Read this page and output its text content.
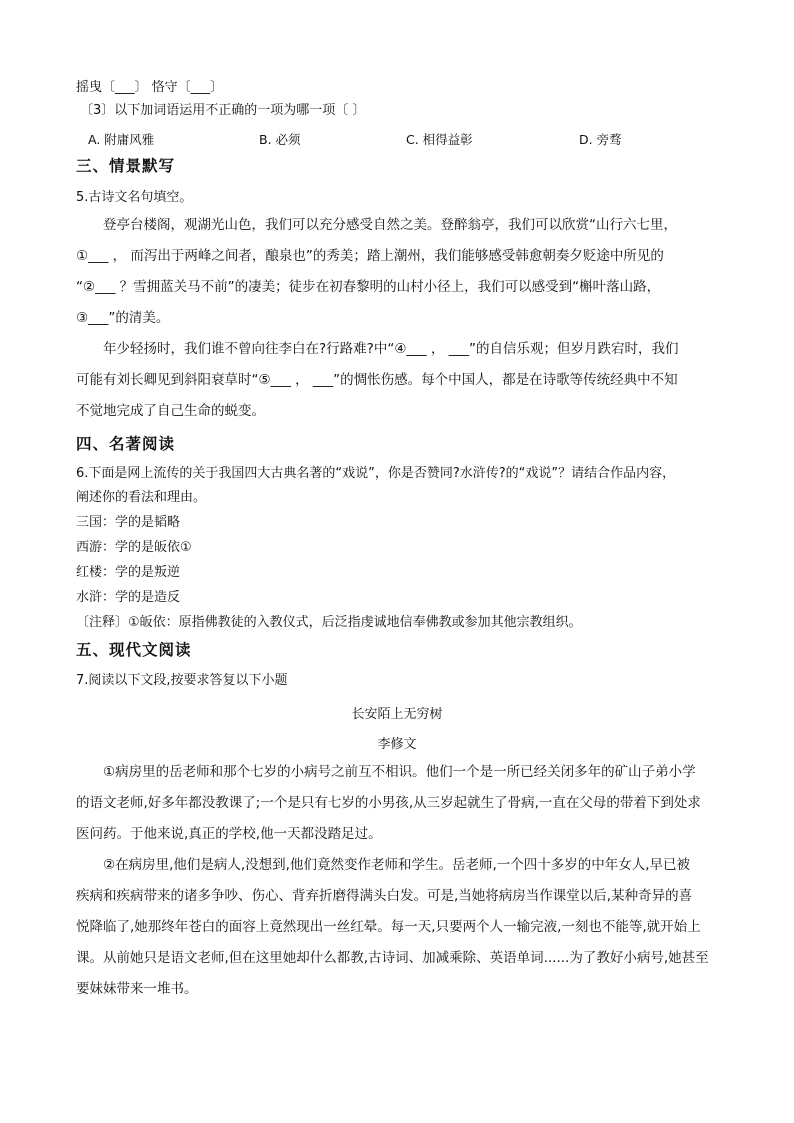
摇曳〔___〕 恪守〔___〕
〔3〕以下加词语运用不正确的一项为哪一项〔 〕
A. 附庸风雅	B. 必须	C. 相得益彰	D. 旁骛
三、情景默写
5.古诗文名句填空。

登亭台楼阁，观湖光山色，我们可以充分感受自然之美。登醉翁亭，我们可以欣赏“山行六七里，

①___ ， 而泻出于两峰之间者，酿泉也”的秀美；踏上潮州，我们能够感受韩愈朝奏夕贬途中所见的

“②___ ？雪拥蓝关马不前”的凄美；徒步在初春黎明的山村小径上，我们可以感受到“槲叶落山路，

③___”的清美。

年少轻扬时，我们谁不曾向往李白在?行路难?中“④___ ， ___”的自信乐观；但岁月跌宕时，我们

可能有刘长卿见到斜阳衰草时“⑤___ ， ___”的惆怅伤感。每个中国人，都是在诗歌等传统经典中不知

不觉地完成了自己生命的蜕变。

四、名著阅读
6.下面是网上流传的关于我国四大古典名著的“戏说”，你是否赞同?水浒传?的“戏说”？请结合作品内容，
阐述你的看法和理由。
三国：学的是韬略
西游：学的是皈依①
红楼：学的是叛逆
水浒：学的是造反
〔注释〕①皈依：原指佛教徒的入教仪式，后泛指虔诚地信奉佛教或参加其他宗教组织。
五、现代文阅读
7.阅读以下文段,按要求答复以下小题
长安陌上无穷树
李修文

①病房里的岳老师和那个七岁的小病号之前互不相识。他们一个是一所已经关闭多年的矿山子弟小学

的语文老师,好多年都没教课了;一个是只有七岁的小男孩,从三岁起就生了骨病,一直在父母的带着下到处求

医问药。于他来说,真正的学校,他一天都没踏足过。

②在病房里,他们是病人,没想到,他们竟然变作老师和学生。岳老师,一个四十多岁的中年女人,早已被

疾病和疾病带来的诸多争吵、伤心、背弃折磨得满头白发。可是,当她将病房当作课堂以后,某种奇异的喜

悦降临了,她那终年苍白的面容上竟然现出一丝红晕。每一天,只要两个人一输完液,一刻也不能等,就开始上

课。从前她只是语文老师,但在这里她却什么都教,古诗词、加减乘除、英语单词......为了教好小病号,她甚至

要妹妹带来一堆书。
